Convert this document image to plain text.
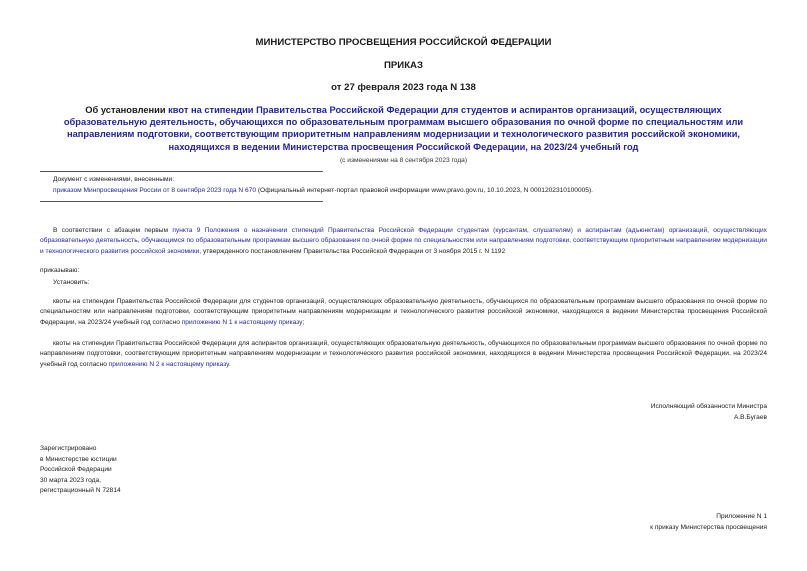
МИНИСТЕРСТВО ПРОСВЕЩЕНИЯ РОССИЙСКОЙ ФЕДЕРАЦИИ
ПРИКАЗ
от 27 февраля 2023 года N 138
Об установлении квот на стипендии Правительства Российской Федерации для студентов и аспирантов организаций, осуществляющих образовательную деятельность, обучающихся по образовательным программам высшего образования по очной форме по специальностям или направлениям подготовки, соответствующим приоритетным направлениям модернизации и технологического развития российской экономики, находящихся в ведении Министерства просвещения Российской Федерации, на 2023/24 учебный год
(с изменениями на 8 сентября 2023 года)
Документ с изменениями, внесенными:
приказом Минпросвещения России от 8 сентября 2023 года N 670 (Официальный интернет-портал правовой информации www.pravo.gov.ru, 10.10.2023, N 0001202310100005).
В соответствии с абзацем первым пункта 9 Положения о назначении стипендий Правительства Российской Федерации студентам (курсантам, слушателям) и аспирантам (адъюнктам) организаций, осуществляющих образовательную деятельность, обучающимся по образовательным программам высшего образования по очной форме по специальностям или направлениям подготовки, соответствующим приоритетным направлениям модернизации и технологического развития российской экономики, утвержденного постановлением Правительства Российской Федерации от 3 ноября 2015 г. N 1192
приказываю:
Установить:
квоты на стипендии Правительства Российской Федерации для студентов организаций, осуществляющих образовательную деятельность, обучающихся по образовательным программам высшего образования по очной форме по специальностям или направлениям подготовки, соответствующим приоритетным направлениям модернизации и технологического развития российской экономики, находящихся в ведении Министерства просвещения Российской Федерации, на 2023/24 учебный год согласно приложению N 1 к настоящему приказу;
квоты на стипендии Правительства Российской Федерации для аспирантов организаций, осуществляющих образовательную деятельность, обучающихся по образовательным программам высшего образования по очной форме по направлениям подготовки, соответствующим приоритетным направлениям модернизации и технологического развития российской экономики, находящихся в ведении Министерства просвещения Российской Федерации, на 2023/24 учебный год согласно приложению N 2 к настоящему приказу.
Исполняющий обязанности Министра
А.В.Бугаев
Зарегистрировано
в Министерстве юстиции
Российской Федерации
30 марта 2023 года,
регистрационный N 72814
Приложение N 1
к приказу Министерства просвещения
